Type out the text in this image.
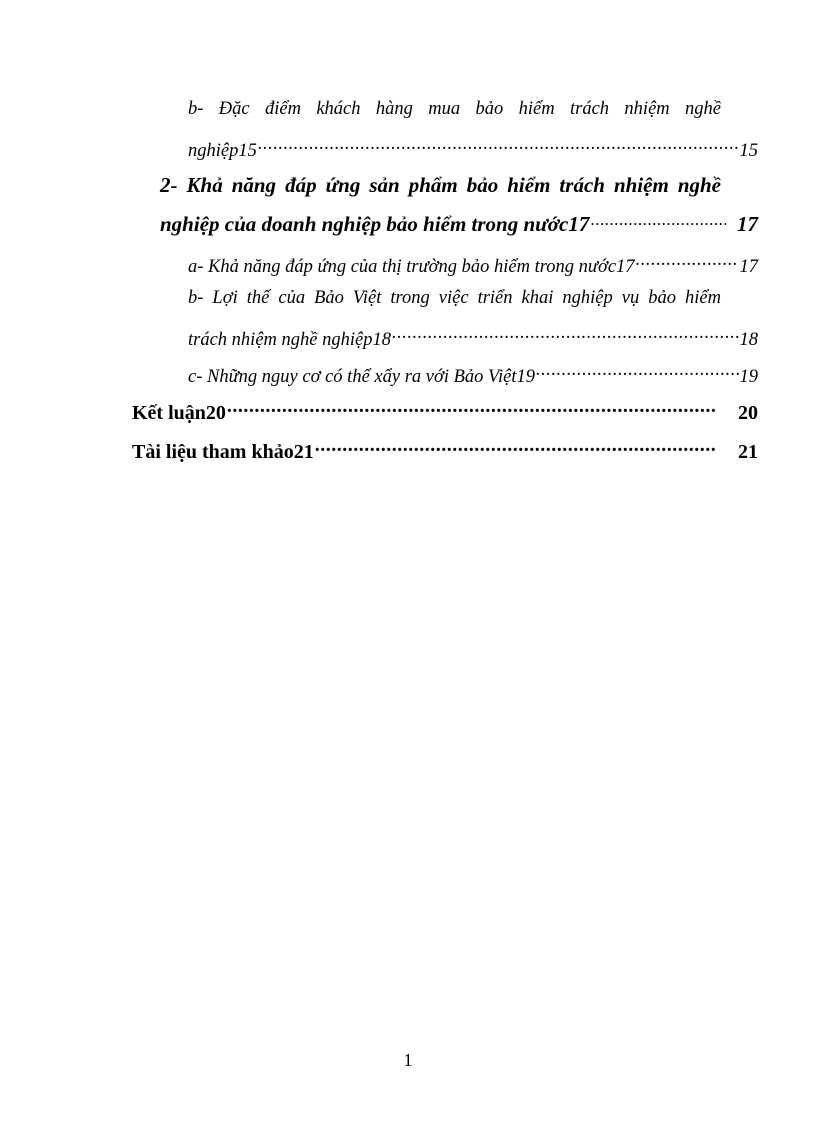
b- Đặc điểm khách hàng mua bảo hiểm trách nhiệm nghề
nghiệp15 .....	15
2- Khả năng đáp ứng sản phẩm bảo hiểm trách nhiệm nghề
nghiệp của doanh nghiệp bảo hiểm trong nước17 .....	17
a- Khả năng đáp ứng của thị trường bảo hiểm trong nước17 .....	17
b- Lợi thế của Bảo Việt trong việc triển khai nghiệp vụ bảo hiểm
trách nhiệm nghề nghiệp18 .....	18
c- Những nguy cơ có thể xẩy ra với Bảo Việt19 .....	19
Kết luận20 .....	20
Tài liệu tham khảo21 .....	21
1
